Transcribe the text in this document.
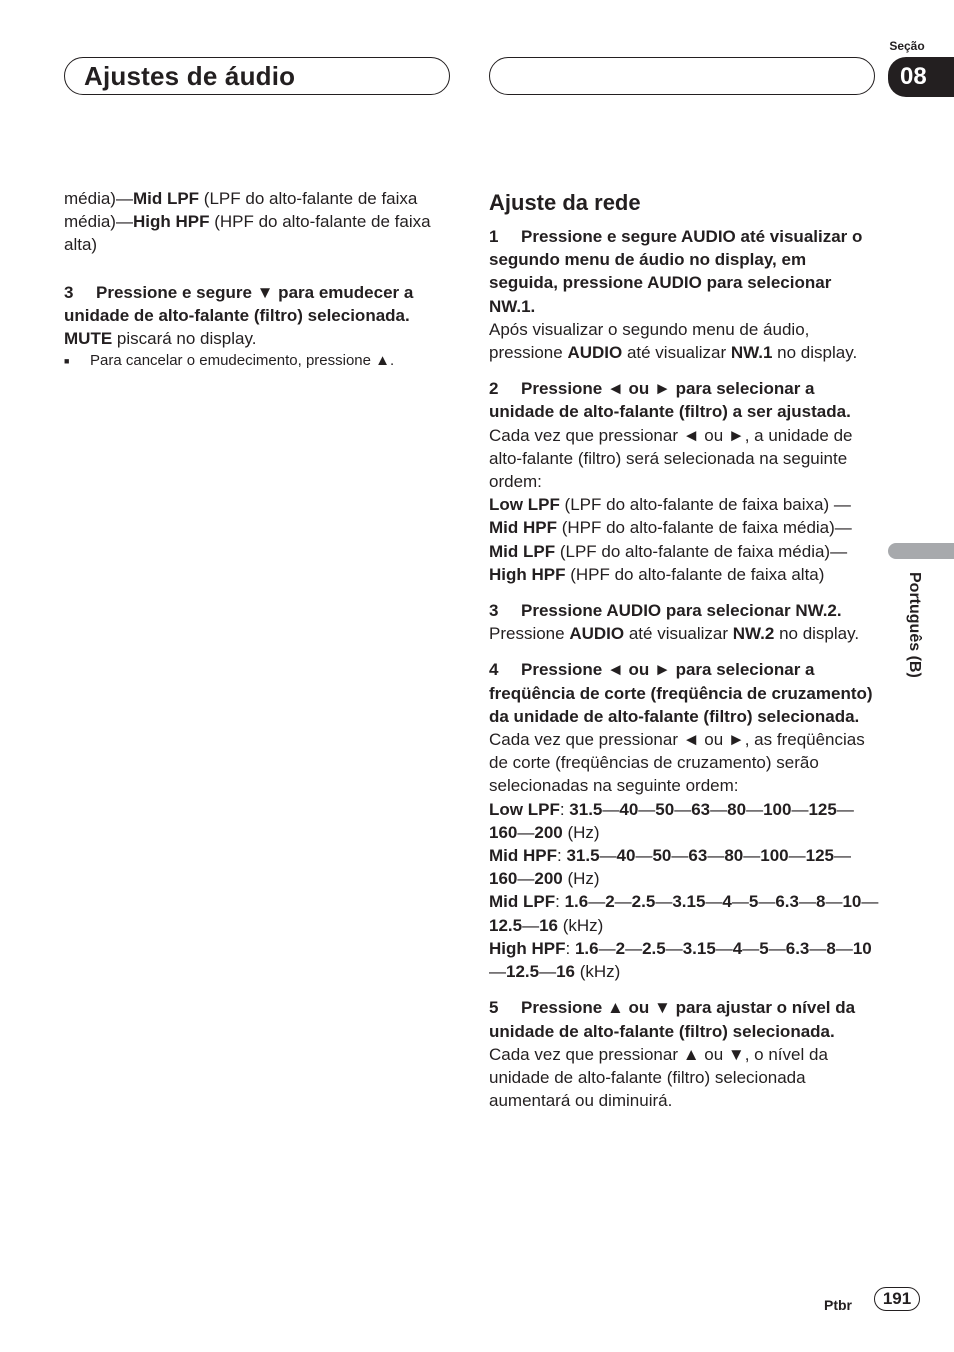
Ajustes de áudio
Seção
08
Português (B)

média)—Mid LPF (LPF do alto-falante de faixa média)—High HPF (HPF do alto-falante de faixa alta)

3 Pressione e segure ▼ para emudecer a unidade de alto-falante (filtro) selecionada.

MUTE piscará no display.

■	Para cancelar o emudecimento, pressione ▲.
Ajuste da rede

1 Pressione e segure AUDIO até visualizar o segundo menu de áudio no display, em seguida, pressione AUDIO para selecionar NW.1.

Após visualizar o segundo menu de áudio, pressione AUDIO até visualizar NW.1 no display.

2 Pressione ◄ ou ► para selecionar a unidade de alto-falante (filtro) a ser ajustada.

Cada vez que pressionar ◄ ou ►, a unidade de alto-falante (filtro) será selecionada na seguinte ordem:

Low LPF (LPF do alto-falante de faixa baixa) —Mid HPF (HPF do alto-falante de faixa média)—Mid LPF (LPF do alto-falante de faixa média)—High HPF (HPF do alto-falante de faixa alta)

3 Pressione AUDIO para selecionar NW.2.

Pressione AUDIO até visualizar NW.2 no display.

4 Pressione ◄ ou ► para selecionar a freqüência de corte (freqüência de cruzamento) da unidade de alto-falante (filtro) selecionada.

Cada vez que pressionar ◄ ou ►, as freqüências de corte (freqüências de cruzamento) serão selecionadas na seguinte ordem:

Low LPF: 31.5—40—50—63—80—100—125—160—200 (Hz)

Mid HPF: 31.5—40—50—63—80—100—125—160—200 (Hz)

Mid LPF: 1.6—2—2.5—3.15—4—5—6.3—8—10—12.5—16 (kHz)

High HPF: 1.6—2—2.5—3.15—4—5—6.3—8—10—12.5—16 (kHz)

5 Pressione ▲ ou ▼ para ajustar o nível da unidade de alto-falante (filtro) selecionada.

Cada vez que pressionar ▲ ou ▼, o nível da unidade de alto-falante (filtro) selecionada aumentará ou diminuirá.

Ptbr	191
